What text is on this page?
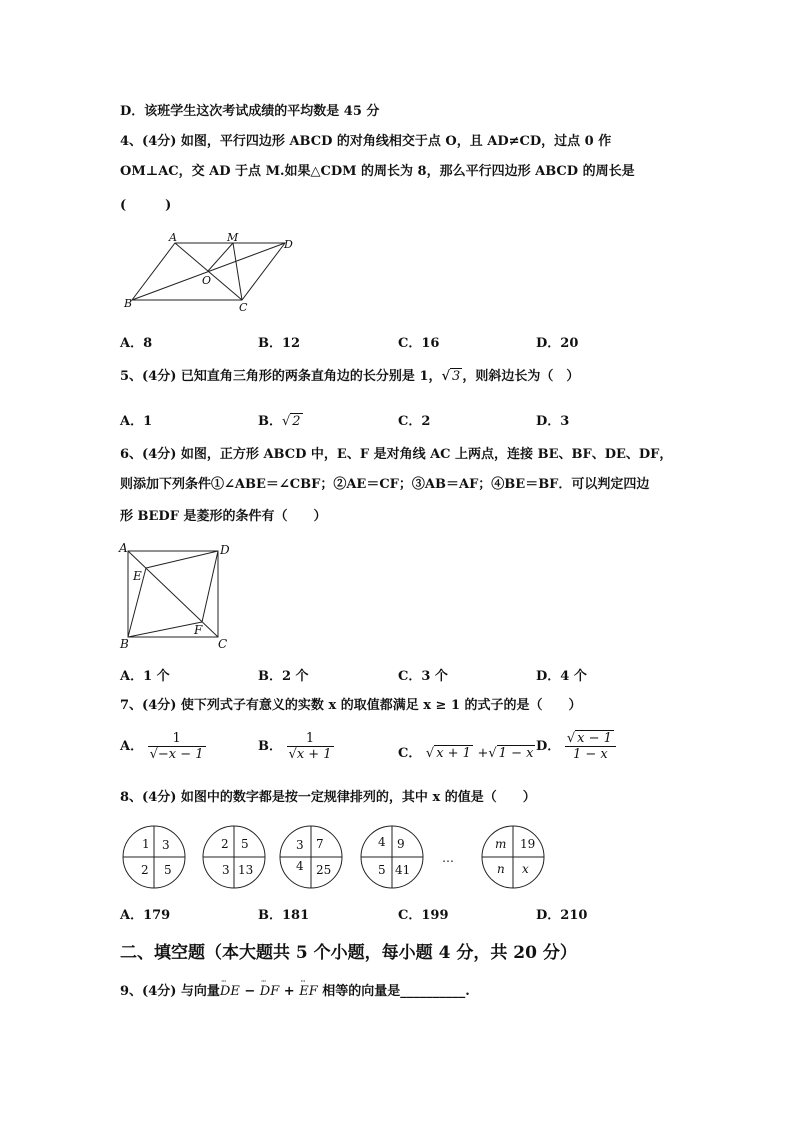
D．该班学生这次考试成绩的平均数是 45 分
4、(4分) 如图，平行四边形 ABCD 的对角线相交于点 O，且 AD≠CD，过点 0 作
OM⊥AC，交 AD 于点 M.如果△CDM 的周长为 8，那么平行四边形 ABCD 的周长是
(　　　)
A	M
D
O
B	C
A．8	B．12	C．16	D．20
5、(4分) 已知直角三角形的两条直角边的长分别是 1，√ 3 ，则斜边长为（　）
A．1	B．√ 2	C．2	D．3
6、(4分) 如图，正方形 ABCD 中，E、F 是对角线 AC 上两点，连接 BE、BF、DE、DF，
则添加下列条件①∠ABE＝∠CBF；②AE＝CF；③AB＝AF；④BE＝BF．可以判定四边
形 BEDF 是菱形的条件有（　　）
A	D
E
F
B	C
A．1 个	B．2 个	C．3 个	D．4 个
7、(4分) 使下列式子有意义的实数 x 的取值都满足 x ≥ 1 的式子的是（　　）
A． $\frac{1}{√-x - 1}$	B． $\frac{1}{√x + 1}$	C． √ x + 1 +√ 1 − x D． $\frac{√ x - 1}{1 - x}$
8、(4分) 如图中的数字都是按一定规律排列的，其中 x 的值是（　　）
1 3
2 5
2 5
3 13
3 7
4 25
4 9
5 41
…
m 19
n x
A．179	B．181	C．199	D．210
二、填空题（本大题共 5 个小题，每小题 4 分，共 20 分）
9、(4分) 与向量··· DE − ··· DF + ··· EF 相等的向量是__________.
